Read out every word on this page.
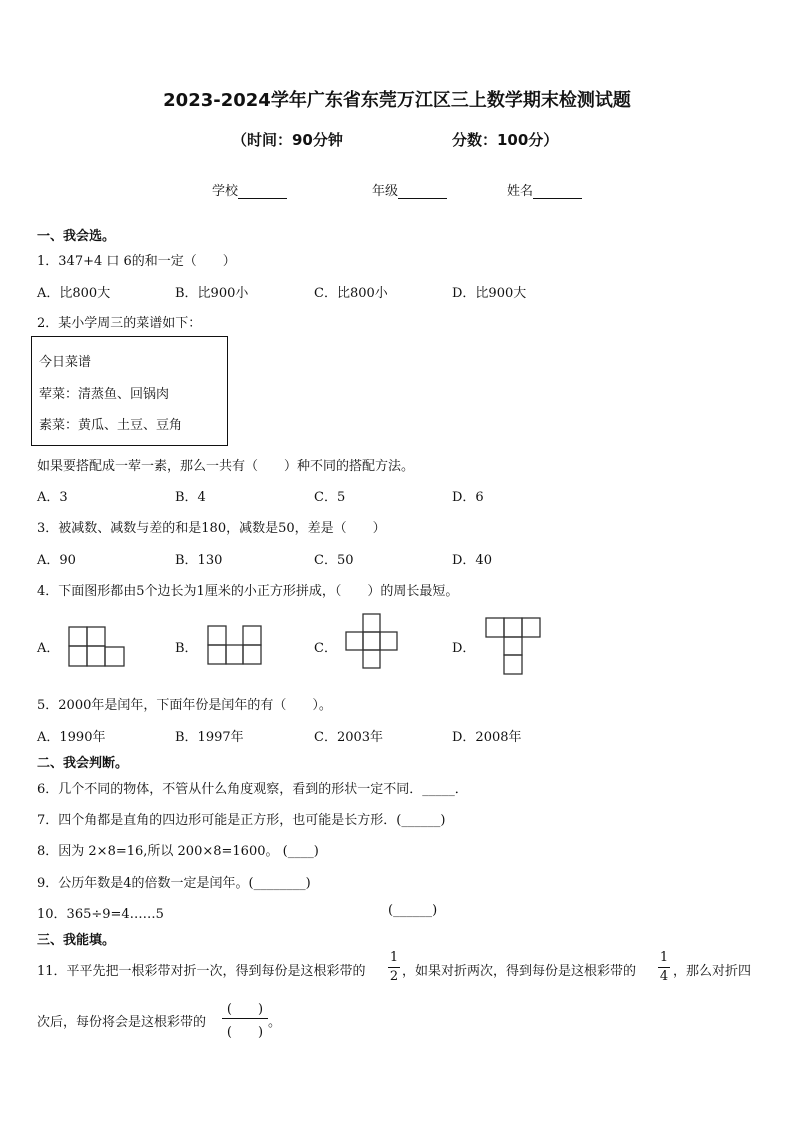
2023-2024学年广东省东莞万江区三上数学期末检测试题
（时间：90分钟	分数：100分）
学校	年级	姓名
一、我会选。
1．347+4 口 6的和一定（　　）
A．比800大	B．比900小	C．比800小	D．比900大
2．某小学周三的菜谱如下：
今日菜谱
荤菜：清蒸鱼、回锅肉
素菜：黄瓜、土豆、豆角
如果要搭配成一荤一素，那么一共有（　　）种不同的搭配方法。
A．3	B．4	C．5	D．6
3．被减数、减数与差的和是180，减数是50，差是（　　）
A．90	B．130	C．50	D．40
4．下面图形都由5个边长为1厘米的小正方形拼成，（　　）的周长最短。
A．	B．	C．	D．
5．2000年是闰年，下面年份是闰年的有（　　）。
A．1990年	B．1997年	C．2003年	D．2008年
二、我会判断。
6．几个不同的物体，不管从什么角度观察，看到的形状一定不同．_____．
7．四个角都是直角的四边形可能是正方形，也可能是长方形．(______)
8．因为 2×8=16,所以 200×8=1600。 (____)
9．公历年数是4的倍数一定是闰年。(________)
10．365÷9=4……5	(______)
三、我能填。
11．平平先把一根彩带对折一次，得到每份是这根彩带的
1
2 ，如果对折两次，得到每份是这根彩带的
1
4 ，那么对折四
次后，每份将会是这根彩带的
(　　)
(　　)
。
